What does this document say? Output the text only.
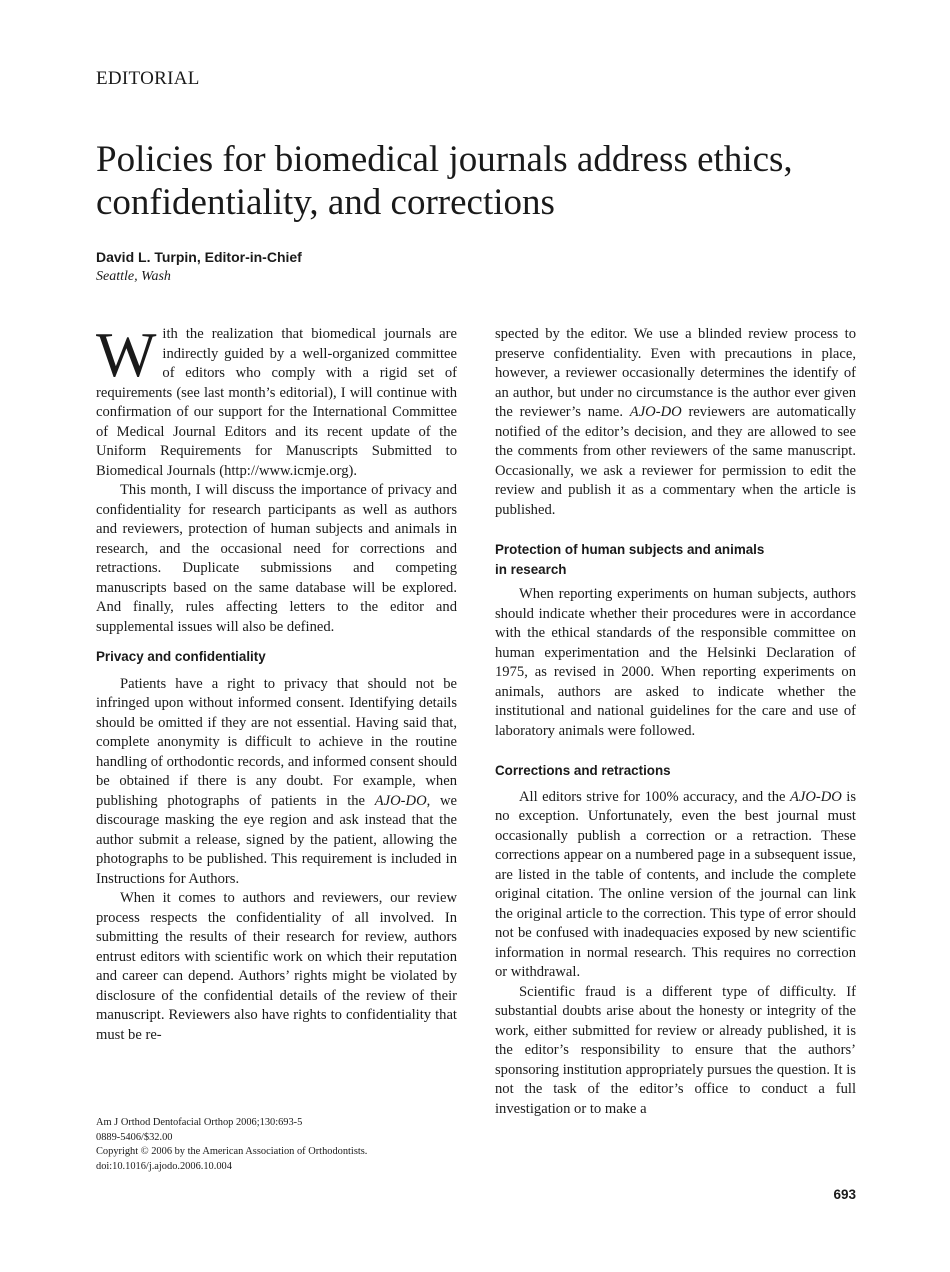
EDITORIAL
Policies for biomedical journals address ethics,
confidentiality, and corrections
David L. Turpin, Editor-in-Chief
Seattle, Wash

With the realization that biomedical journals are indirectly guided by a well-organized committee of editors who comply with a rigid set of requirements (see last month’s editorial), I will continue with confirmation of our support for the International Committee of Medical Journal Editors and its recent update of the Uniform Requirements for Manuscripts Submitted to Biomedical Journals (http://www.icmje.org).

This month, I will discuss the importance of privacy and confidentiality for research participants as well as authors and reviewers, protection of human subjects and animals in research, and the occasional need for corrections and retractions. Duplicate submissions and competing manuscripts based on the same database will be explored. And finally, rules affecting letters to the editor and supplemental issues will also be defined.

Privacy and confidentiality

Patients have a right to privacy that should not be infringed upon without informed consent. Identifying details should be omitted if they are not essential. Having said that, complete anonymity is difficult to achieve in the routine handling of orthodontic records, and informed consent should be obtained if there is any doubt. For example, when publishing photographs of patients in the AJO-DO, we discourage masking the eye region and ask instead that the author submit a release, signed by the patient, allowing the photographs to be published. This requirement is included in Instructions for Authors.

When it comes to authors and reviewers, our review process respects the confidentiality of all involved. In submitting the results of their research for review, authors entrust editors with scientific work on which their reputation and career can depend. Authors’ rights might be violated by disclosure of the confidential details of the review of their manuscript. Reviewers also have rights to confidentiality that must be re-

spected by the editor. We use a blinded review process to preserve confidentiality. Even with precautions in place, however, a reviewer occasionally determines the identify of an author, but under no circumstance is the author ever given the reviewer’s name. AJO-DO reviewers are automatically notified of the editor’s decision, and they are allowed to see the comments from other reviewers of the same manuscript. Occasionally, we ask a reviewer for permission to edit the review and publish it as a commentary when the article is published.

Protection of human subjects and animals
in research

When reporting experiments on human subjects, authors should indicate whether their procedures were in accordance with the ethical standards of the responsible committee on human experimentation and the Helsinki Declaration of 1975, as revised in 2000. When reporting experiments on animals, authors are asked to indicate whether the institutional and national guidelines for the care and use of laboratory animals were followed.

Corrections and retractions

All editors strive for 100% accuracy, and the AJO-DO is no exception. Unfortunately, even the best journal must occasionally publish a correction or a retraction. These corrections appear on a numbered page in a subsequent issue, are listed in the table of contents, and include the complete original citation. The online version of the journal can link the original article to the correction. This type of error should not be confused with inadequacies exposed by new scientific information in normal research. This requires no correction or withdrawal.

Scientific fraud is a different type of difficulty. If substantial doubts arise about the honesty or integrity of the work, either submitted for review or already published, it is the editor’s responsibility to ensure that the authors’ sponsoring institution appropriately pursues the question. It is not the task of the editor’s office to conduct a full investigation or to make a

Am J Orthod Dentofacial Orthop 2006;130:693-5
0889-5406/$32.00
Copyright © 2006 by the American Association of Orthodontists.
doi:10.1016/j.ajodo.2006.10.004
693
